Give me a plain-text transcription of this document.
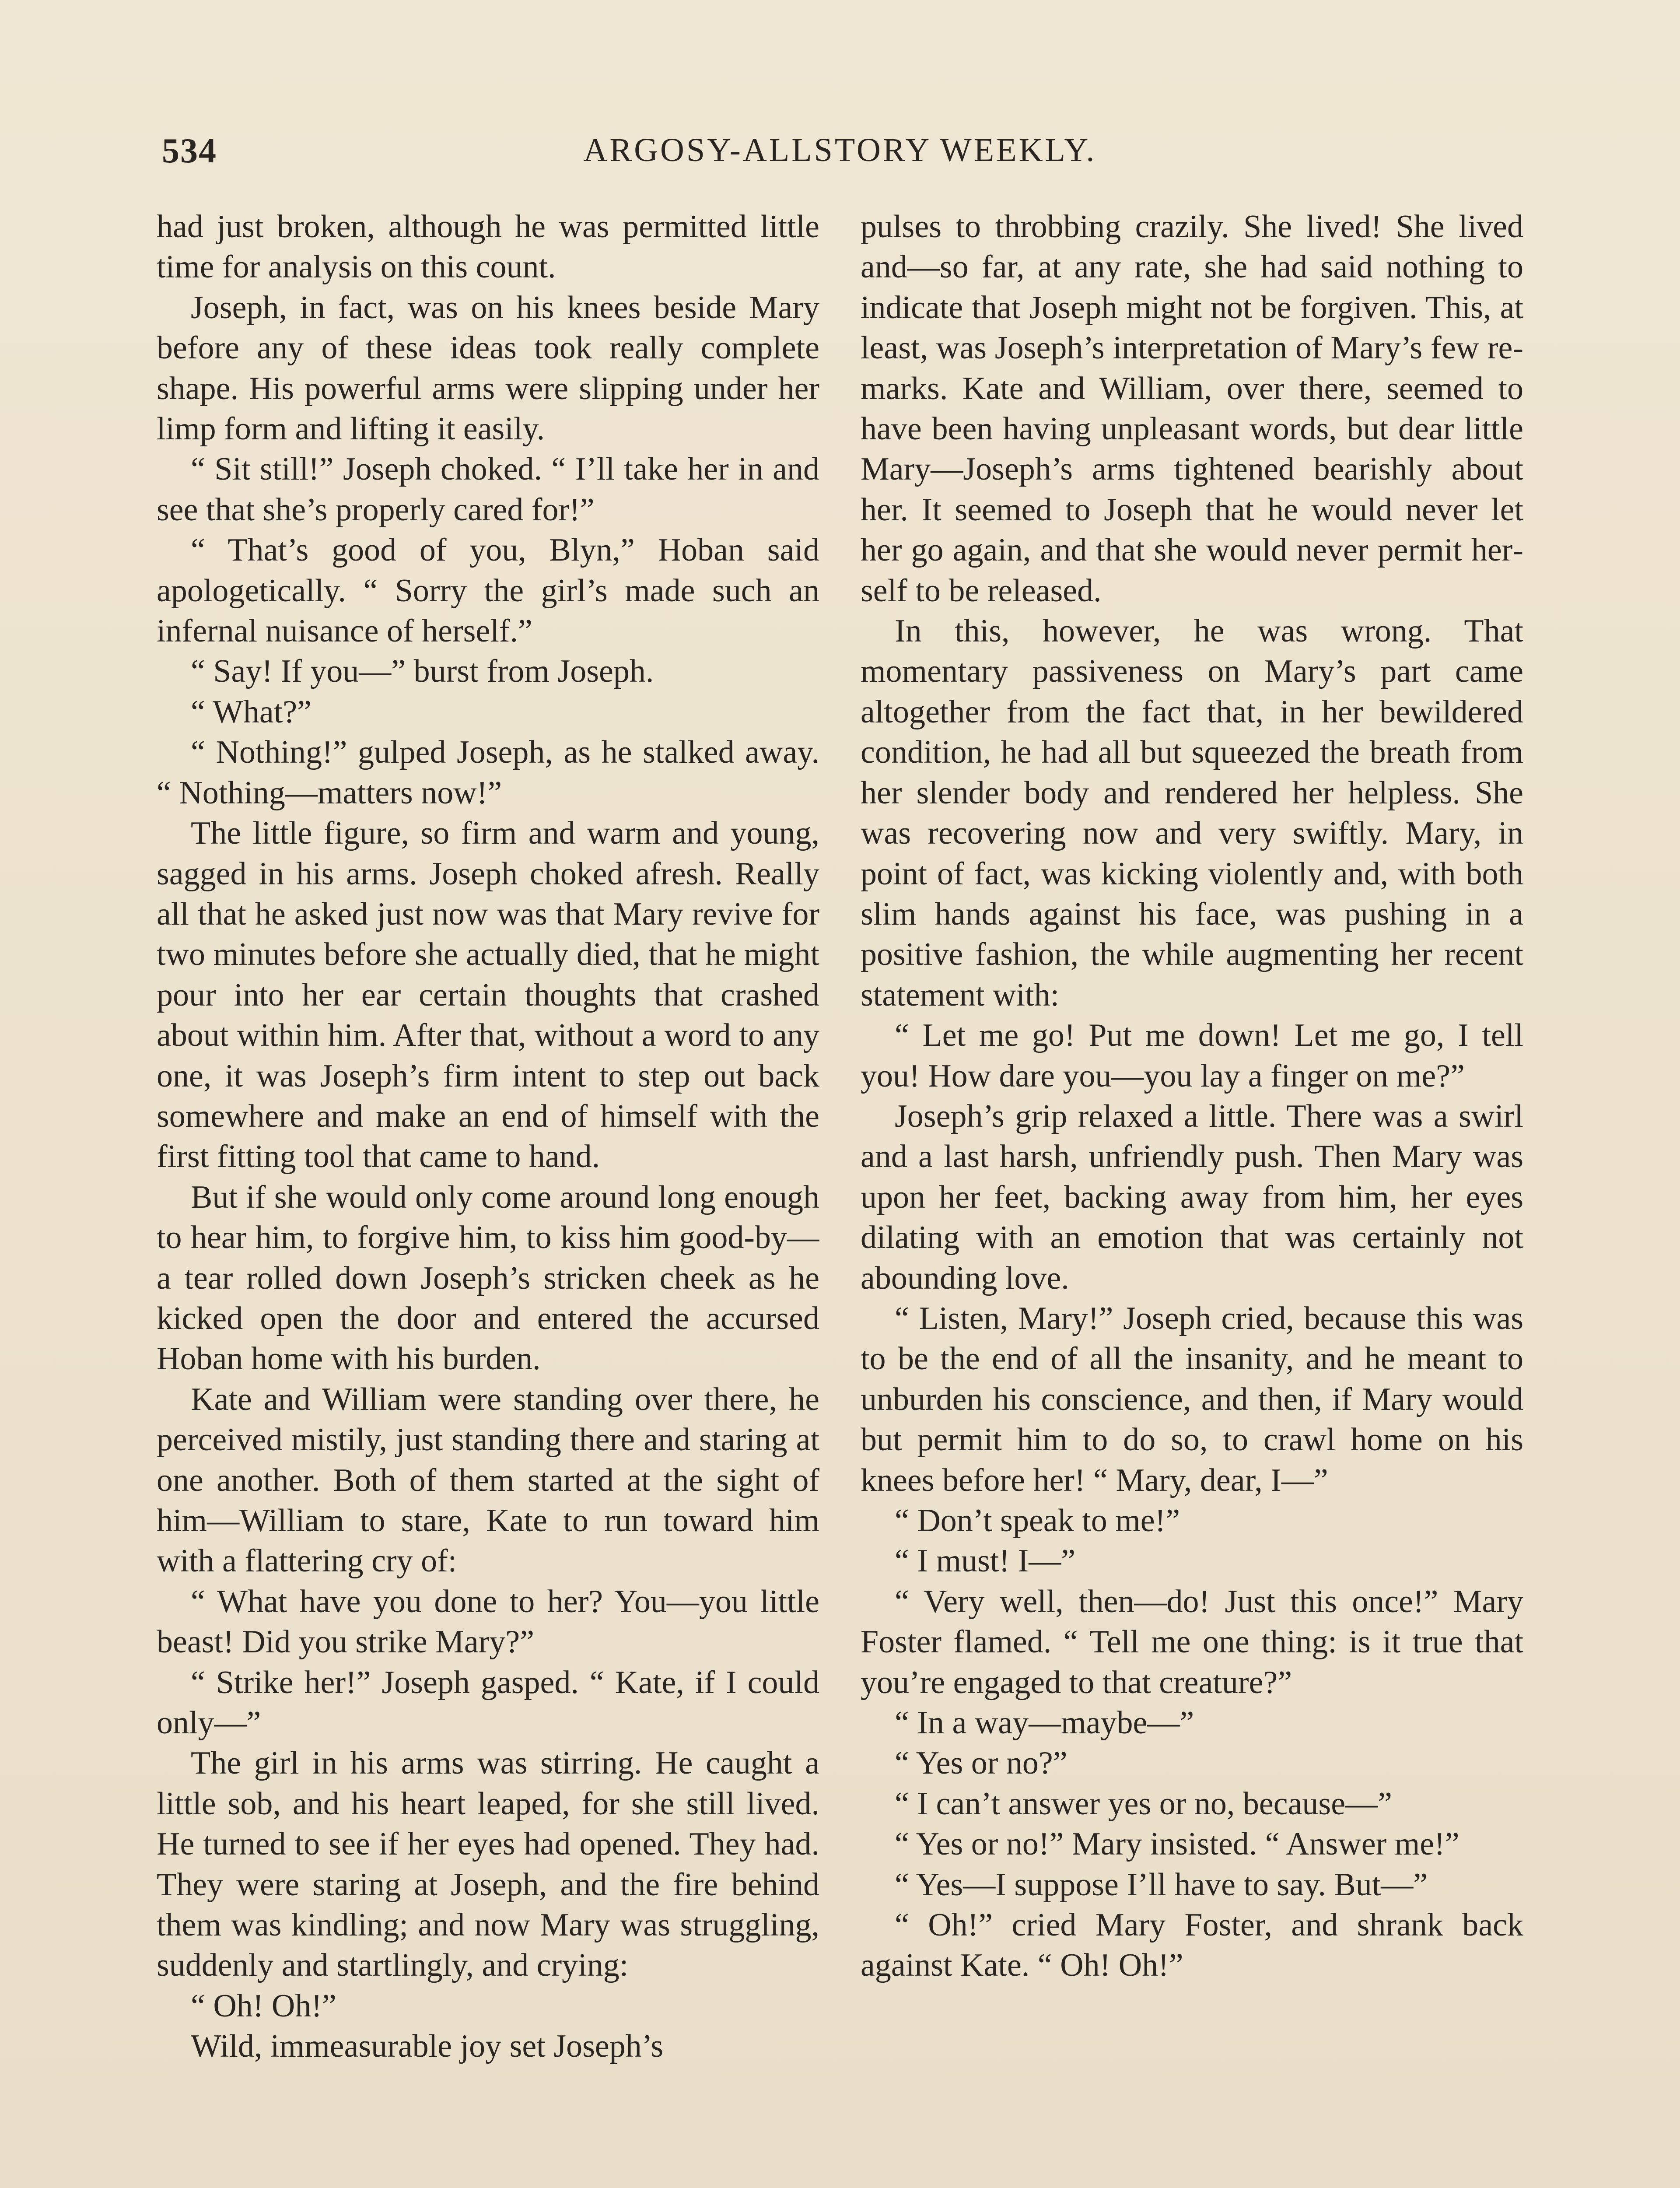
534	ARGOSY-ALLSTORY WEEKLY.

had just broken, although he was permitted little time for analysis on this count.

Joseph, in fact, was on his knees beside Mary before any of these ideas took really complete shape. His powerful arms were slipping under her limp form and lifting it easily.

“ Sit still!” Joseph choked. “ I’ll take her in and see that she’s properly cared for!”

“ That’s good of you, Blyn,” Hoban said apologetically. “ Sorry the girl’s made such an infernal nuisance of herself.”

“ Say! If you—” burst from Joseph.

“ What?”

“ Nothing!” gulped Joseph, as he stalked away. “ Nothing—matters now!”

The little figure, so firm and warm and young, sagged in his arms. Joseph choked afresh. Really all that he asked just now was that Mary revive for two minutes before she actually died, that he might pour into her ear certain thoughts that crashed about within him. After that, without a word to any one, it was Joseph’s firm intent to step out back somewhere and make an end of himself with the first fitting tool that came to hand.

But if she would only come around long enough to hear him, to forgive him, to kiss him good-by—a tear rolled down Joseph’s stricken cheek as he kicked open the door and entered the accursed Hoban home with his burden.

Kate and William were standing over there, he perceived mistily, just standing there and staring at one another. Both of them started at the sight of him—William to stare, Kate to run toward him with a flattering cry of:

“ What have you done to her? You—you little beast! Did you strike Mary?”

“ Strike her!” Joseph gasped. “ Kate, if I could only—”

The girl in his arms was stirring. He caught a little sob, and his heart leaped, for she still lived. He turned to see if her eyes had opened. They had. They were staring at Joseph, and the fire behind them was kindling; and now Mary was struggling, suddenly and startlingly, and crying:

“ Oh! Oh!”

Wild, immeasurable joy set Joseph’s

pulses to throbbing crazily. She lived! She lived and—so far, at any rate, she had said nothing to indicate that Joseph might not be forgiven. This, at least, was Joseph’s interpretation of Mary’s few remarks. Kate and William, over there, seemed to have been having unpleasant words, but dear little Mary—Joseph’s arms tightened bearishly about her. It seemed to Joseph that he would never let her go again, and that she would never permit herself to be released.

In this, however, he was wrong. That momentary passiveness on Mary’s part came altogether from the fact that, in her bewildered condition, he had all but squeezed the breath from her slender body and rendered her helpless. She was recovering now and very swiftly. Mary, in point of fact, was kicking violently and, with both slim hands against his face, was pushing in a positive fashion, the while augmenting her recent statement with:

“ Let me go! Put me down! Let me go, I tell you! How dare you—you lay a finger on me?”

Joseph’s grip relaxed a little. There was a swirl and a last harsh, unfriendly push. Then Mary was upon her feet, backing away from him, her eyes dilating with an emotion that was certainly not abounding love.

“ Listen, Mary!” Joseph cried, because this was to be the end of all the insanity, and he meant to unburden his conscience, and then, if Mary would but permit him to do so, to crawl home on his knees before her! “ Mary, dear, I—”

“ Don’t speak to me!”

“ I must! I—”

“ Very well, then—do! Just this once!” Mary Foster flamed. “ Tell me one thing: is it true that you’re engaged to that creature?”

“ In a way—maybe—”

“ Yes or no?”

“ I can’t answer yes or no, because—”

“ Yes or no!” Mary insisted. “ Answer me!”

“ Yes—I suppose I’ll have to say. But—”

“ Oh!” cried Mary Foster, and shrank back against Kate. “ Oh! Oh!”
